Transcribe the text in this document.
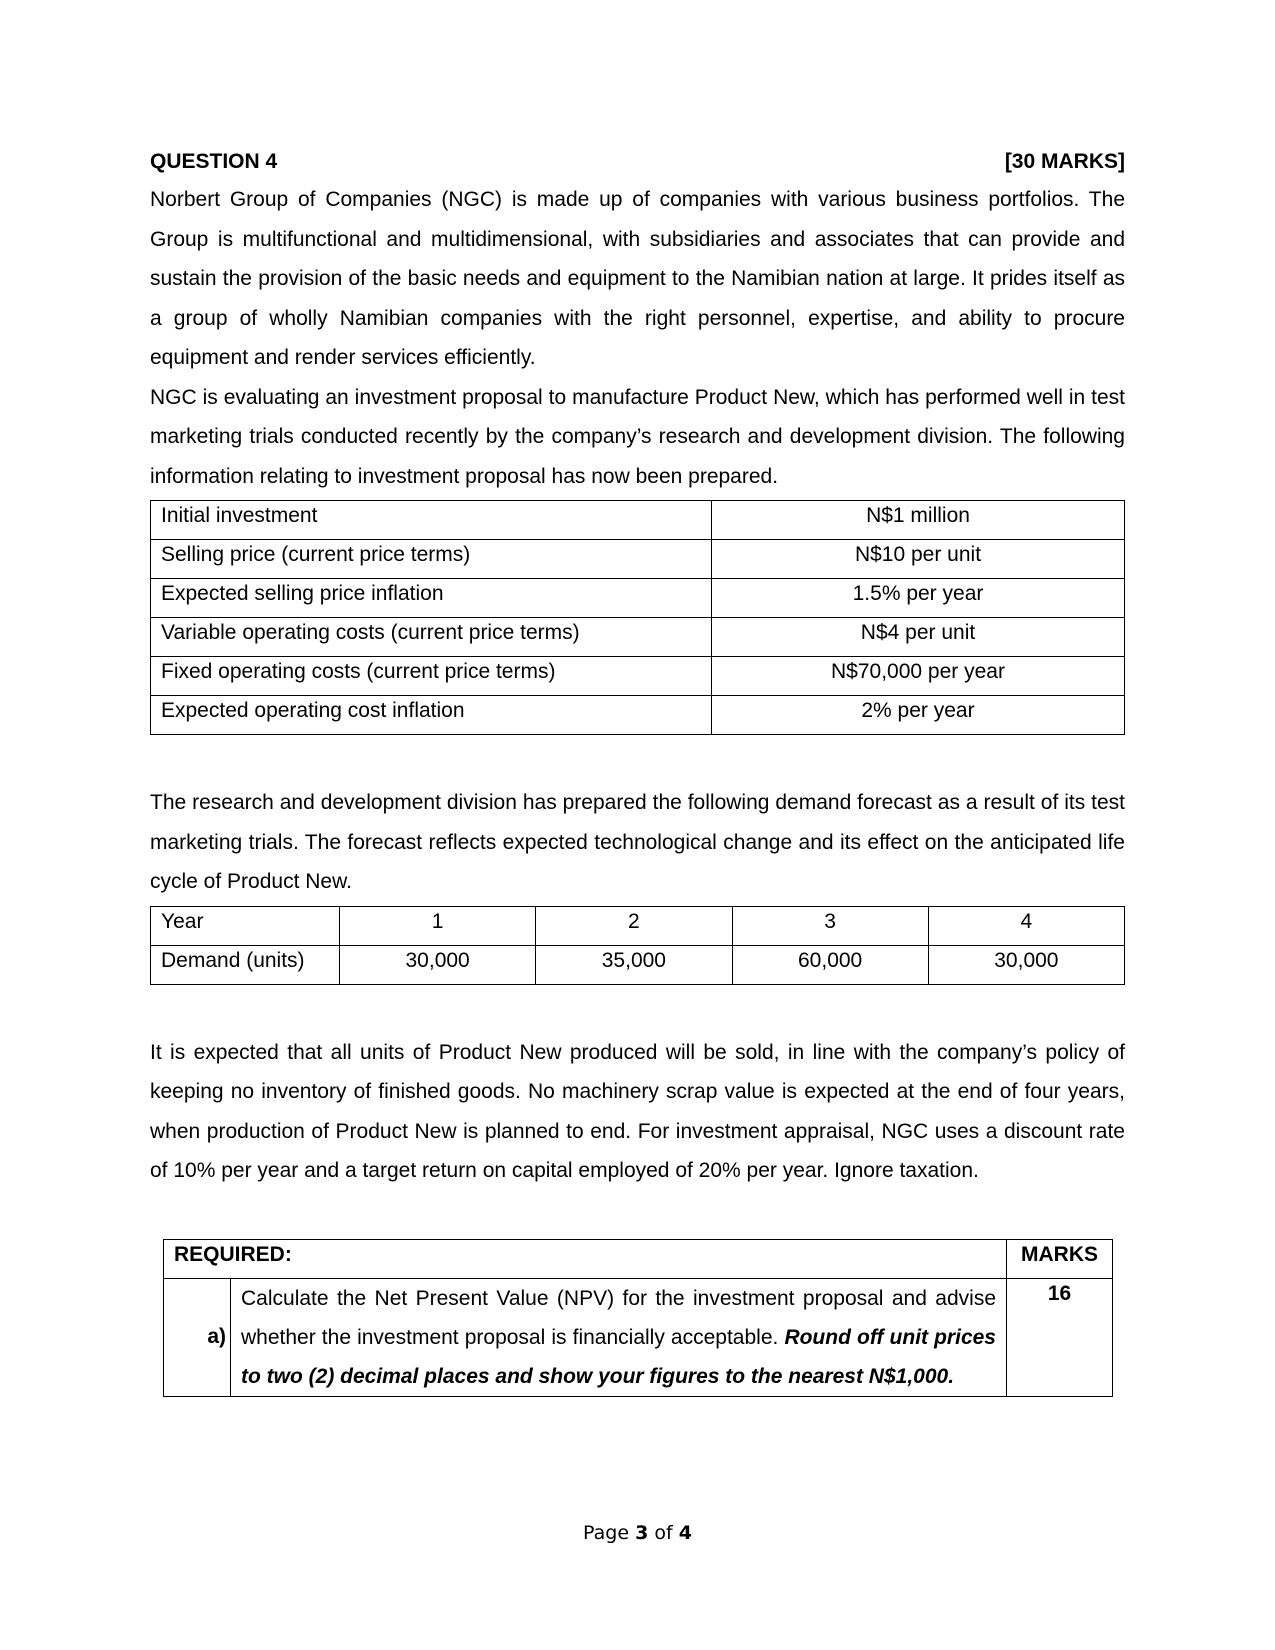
QUESTION 4	[30 MARKS]

Norbert Group of Companies (NGC) is made up of companies with various business portfolios. The Group is multifunctional and multidimensional, with subsidiaries and associates that can provide and sustain the provision of the basic needs and equipment to the Namibian nation at large. It prides itself as a group of wholly Namibian companies with the right personnel, expertise, and ability to procure equipment and render services efficiently.

NGC is evaluating an investment proposal to manufacture Product New, which has performed well in test marketing trials conducted recently by the company’s research and development division. The following information relating to investment proposal has now been prepared.

Initial investment	N$1 million
Selling price (current price terms)	N$10 per unit
Expected selling price inflation	1.5% per year
Variable operating costs (current price terms)	N$4 per unit
Fixed operating costs (current price terms)	N$70,000 per year
Expected operating cost inflation	2% per year

The research and development division has prepared the following demand forecast as a result of its test marketing trials. The forecast reflects expected technological change and its effect on the anticipated life cycle of Product New.

Year	1	2	3	4
Demand (units)	30,000	35,000	60,000	30,000

It is expected that all units of Product New produced will be sold, in line with the company’s policy of keeping no inventory of finished goods. No machinery scrap value is expected at the end of four years, when production of Product New is planned to end. For investment appraisal, NGC uses a discount rate of 10% per year and a target return on capital employed of 20% per year. Ignore taxation.

REQUIRED:		MARKS
a)	Calculate the Net Present Value (NPV) for the investment proposal and advise whether the investment proposal is financially acceptable. Round off unit prices to two (2) decimal places and show your figures to the nearest N$1,000.	16
Page 3 of 4
